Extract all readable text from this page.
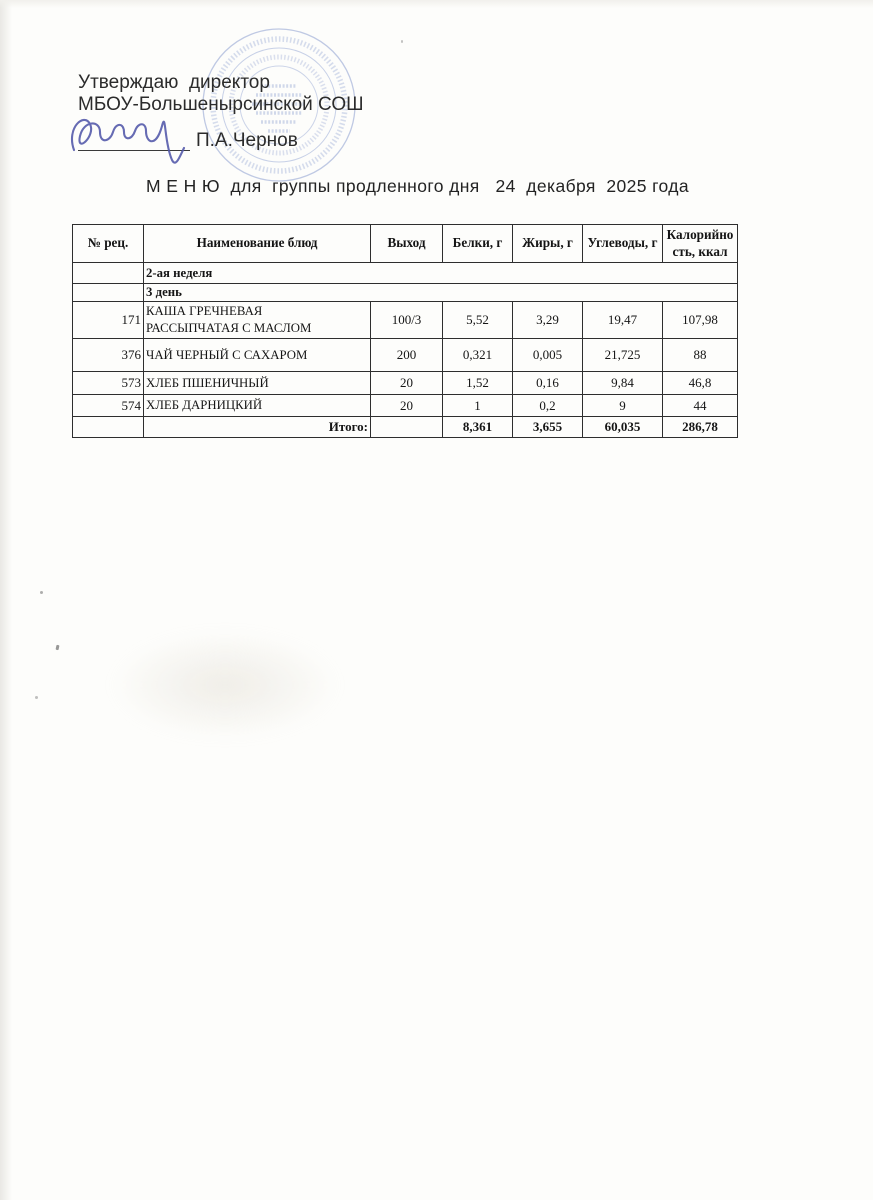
Утверждаю  директор
МБОУ-Большенырсинской СОШ
П.А.Чернов
М Е Н Ю  для  группы продленного дня   24  декабря  2025 года
№ рец.	Наименование блюд	Выход	Белки, г	Жиры, г	Углеводы, г	Калорийно сть, ккал
	2-ая неделя					
	3 день					
171	КАША ГРЕЧНЕВАЯ РАССЫПЧАТАЯ С МАСЛОМ	100/3	5,52	3,29	19,47	107,98
376	ЧАЙ ЧЕРНЫЙ С САХАРОМ	200	0,321	0,005	21,725	88
573	ХЛЕБ ПШЕНИЧНЫЙ	20	1,52	0,16	9,84	46,8
574	ХЛЕБ ДАРНИЦКИЙ	20	1	0,2	9	44
	Итого:		8,361	3,655	60,035	286,78
